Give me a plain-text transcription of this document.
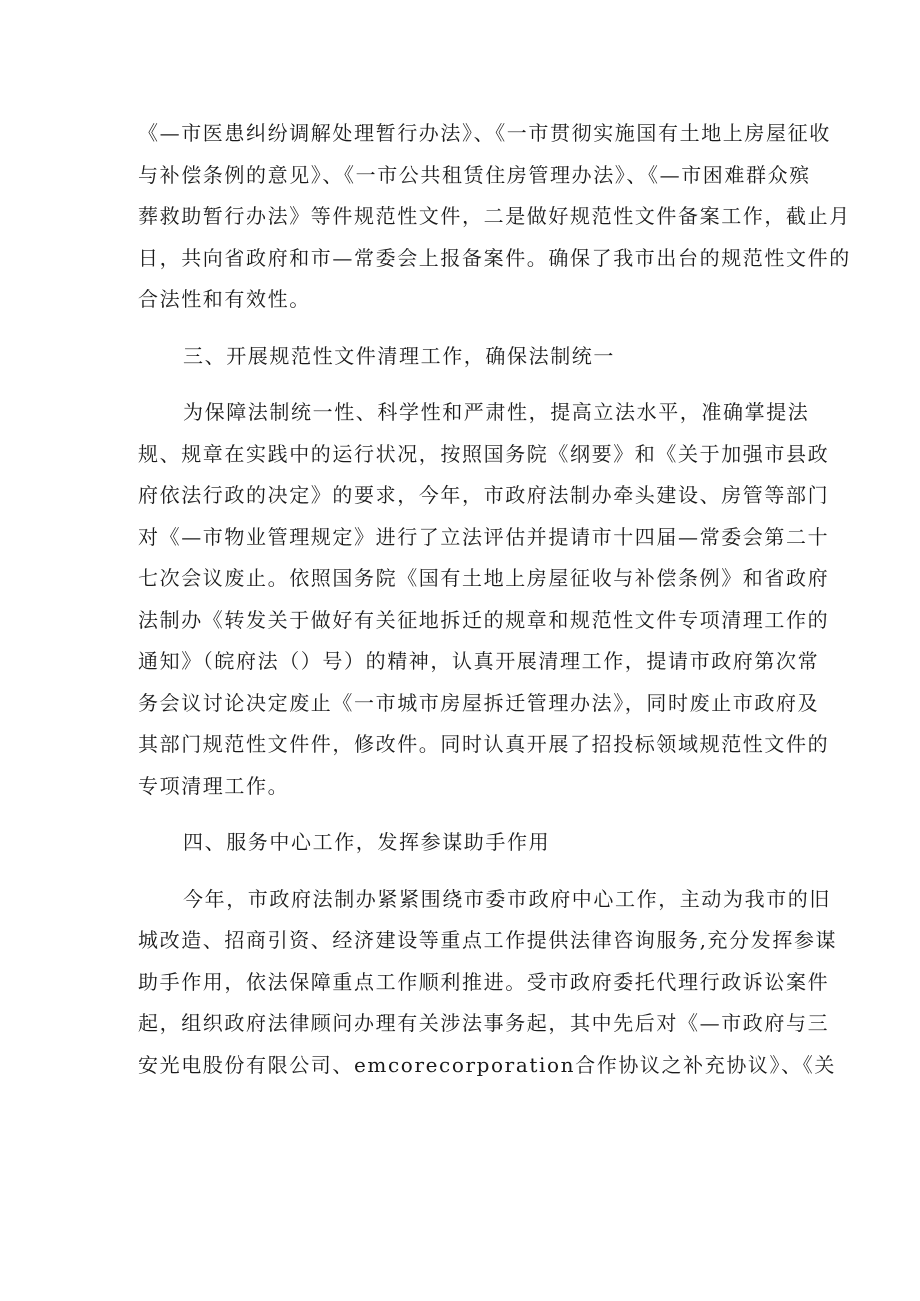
《—市医患纠纷调解处理暂行办法》、《一市贯彻实施国有土地上房屋征收
与补偿条例的意见》、《一市公共租赁住房管理办法》、《—市困难群众殡
葬救助暂行办法》等件规范性文件，二是做好规范性文件备案工作，截止月
日，共向省政府和市—常委会上报备案件。确保了我市出台的规范性文件的
合法性和有效性。
三、开展规范性文件清理工作，确保法制统一
为保障法制统一性、科学性和严肃性，提高立法水平，准确掌提法
规、规章在实践中的运行状况，按照国务院《纲要》和《关于加强市县政
府依法行政的决定》的要求，今年，市政府法制办牵头建设、房管等部门
对《—市物业管理规定》进行了立法评估并提请市十四届—常委会第二十
七次会议废止。依照国务院《国有土地上房屋征收与补偿条例》和省政府
法制办《转发关于做好有关征地拆迁的规章和规范性文件专项清理工作的
通知》（皖府法（）号）的精神，认真开展清理工作，提请市政府第次常
务会议讨论决定废止《一市城市房屋拆迁管理办法》，同时废止市政府及
其部门规范性文件件，修改件。同时认真开展了招投标领域规范性文件的
专项清理工作。
四、服务中心工作，发挥参谋助手作用
今年，市政府法制办紧紧围绕市委市政府中心工作，主动为我市的旧
城改造、招商引资、经济建设等重点工作提供法律咨询服务,充分发挥参谋
助手作用，依法保障重点工作顺利推进。受市政府委托代理行政诉讼案件
起，组织政府法律顾问办理有关涉法事务起，其中先后对《—市政府与三
安光电股份有限公司、emcorecorporation合作协议之补充协议》、《关
